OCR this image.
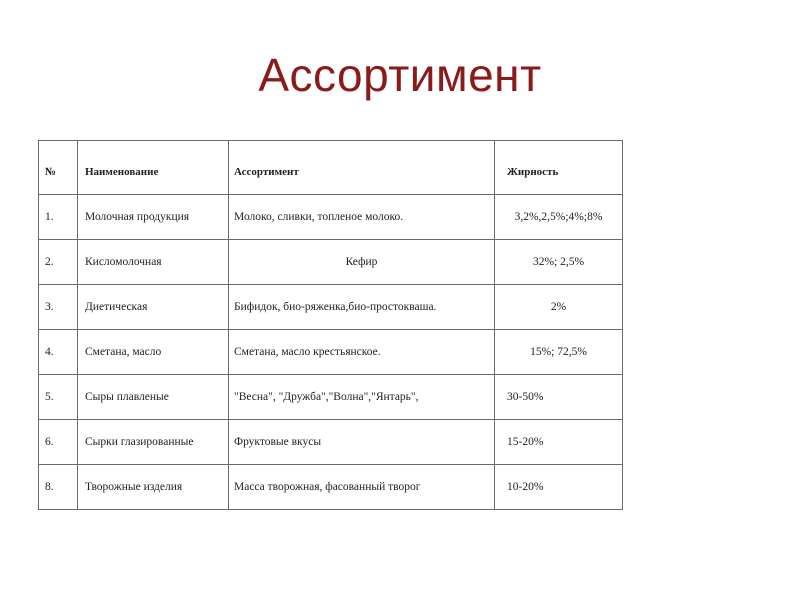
Ассортимент
№	Наименование	Ассортимент	Жирность
1.	Молочная продукция	Молоко, сливки, топленое молоко.	3,2%,2,5%;4%;8%
2.	Кисломолочная	Кефир	32%; 2,5%
3.	Диетическая	Бифидок, био-ряженка,био-простокваша.	2%
4.	Сметана, масло	Сметана, масло крестьянское.	15%; 72,5%
5.	Сыры плавленые	"Весна", "Дружба","Волна","Янтарь",	30-50%
6.	Сырки глазированные	Фруктовые вкусы	15-20%
8.	Творожные изделия	Масса творожная, фасованный творог	10-20%
